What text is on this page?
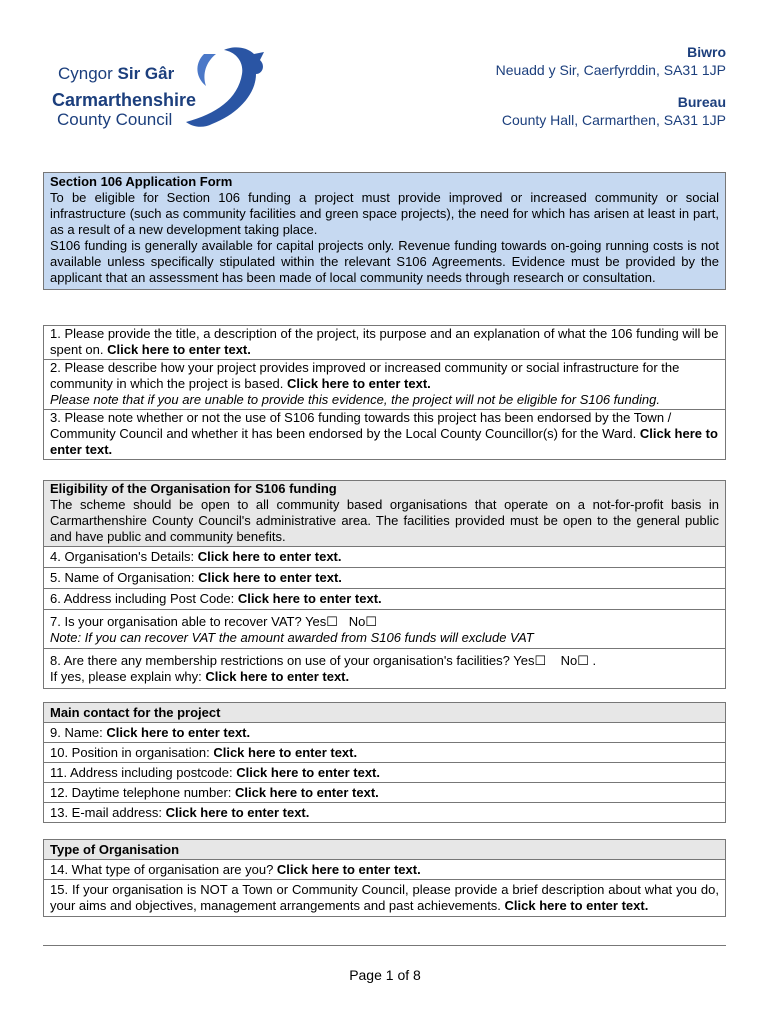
Cyngor Sir Gâr
Carmarthenshire
County Council
Biwro
Neuadd y Sir, Caerfyrddin, SA31 1JP
Bureau
County Hall, Carmarthen, SA31 1JP
Section 106 Application Form
To be eligible for Section 106 funding a project must provide improved or increased community or social infrastructure (such as community facilities and green space projects), the need for which has arisen at least in part, as a result of a new development taking place.
S106 funding is generally available for capital projects only. Revenue funding towards on-going running costs is not available unless specifically stipulated within the relevant S106 Agreements. Evidence must be provided by the applicant that an assessment has been made of local community needs through research or consultation.
1. Please provide the title, a description of the project, its purpose and an explanation of what the 106 funding will be spent on. Click here to enter text.
2. Please describe how your project provides improved or increased community or social infrastructure for the community in which the project is based. Click here to enter text.
Please note that if you are unable to provide this evidence, the project will not be eligible for S106 funding.
3. Please note whether or not the use of S106 funding towards this project has been endorsed by the Town / Community Council and whether it has been endorsed by the Local County Councillor(s) for the Ward. Click here to enter text.
Eligibility of the Organisation for S106 funding
The scheme should be open to all community based organisations that operate on a not-for-profit basis in Carmarthenshire County Council's administrative area. The facilities provided must be open to the general public and have public and community benefits.

4. Organisation's Details: Click here to enter text.
5. Name of Organisation: Click here to enter text.
6. Address including Post Code: Click here to enter text.
7. Is your organisation able to recover VAT? Yes☐ No☐
Note: If you can recover VAT the amount awarded from S106 funds will exclude VAT
8. Are there any membership restrictions on use of your organisation's facilities? Yes☐ No☐ .
If yes, please explain why: Click here to enter text.
Main contact for the project

9. Name: Click here to enter text.
10. Position in organisation: Click here to enter text.
11. Address including postcode: Click here to enter text.
12. Daytime telephone number: Click here to enter text.
13. E-mail address: Click here to enter text.
Type of Organisation

14. What type of organisation are you? Click here to enter text.
15. If your organisation is NOT a Town or Community Council, please provide a brief description about what you do, your aims and objectives, management arrangements and past achievements. Click here to enter text.
Page 1 of 8
